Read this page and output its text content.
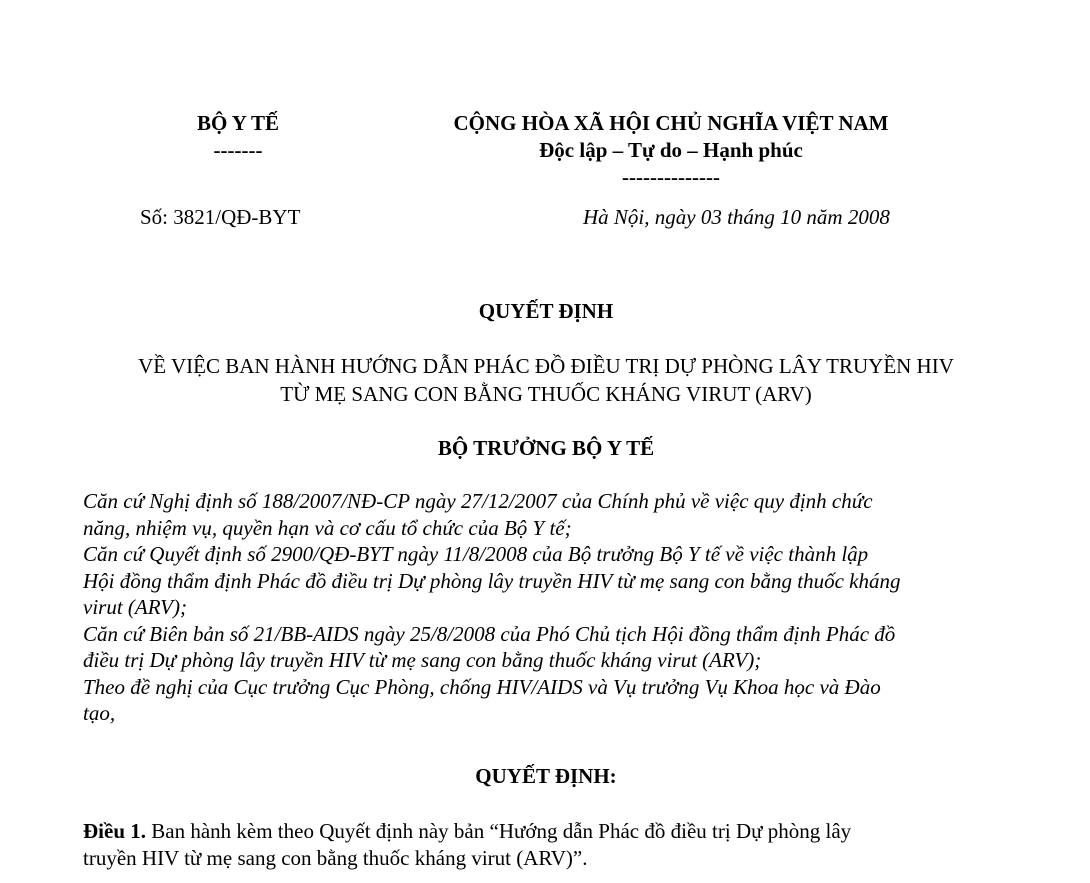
BỘ Y TẾ
-------
CỘNG HÒA XÃ HỘI CHỦ NGHĨA VIỆT NAM
Độc lập – Tự do – Hạnh phúc
--------------
Số: 3821/QĐ-BYT	Hà Nội, ngày 03 tháng 10 năm 2008
QUYẾT ĐỊNH
VỀ VIỆC BAN HÀNH HƯỚNG DẪN PHÁC ĐỒ ĐIỀU TRỊ DỰ PHÒNG LÂY TRUYỀN HIV
TỪ MẸ SANG CON BẰNG THUỐC KHÁNG VIRUT (ARV)
BỘ TRƯỞNG BỘ Y TẾ
Căn cứ Nghị định số 188/2007/NĐ-CP ngày 27/12/2007 của Chính phủ về việc quy định chức
năng, nhiệm vụ, quyền hạn và cơ cấu tổ chức của Bộ Y tế;
Căn cứ Quyết định số 2900/QĐ-BYT ngày 11/8/2008 của Bộ trưởng Bộ Y tế về việc thành lập
Hội đồng thẩm định Phác đồ điều trị Dự phòng lây truyền HIV từ mẹ sang con bằng thuốc kháng
virut (ARV);
Căn cứ Biên bản số 21/BB-AIDS ngày 25/8/2008 của Phó Chủ tịch Hội đồng thẩm định Phác đồ
điều trị Dự phòng lây truyền HIV từ mẹ sang con bằng thuốc kháng virut (ARV);
Theo đề nghị của Cục trưởng Cục Phòng, chống HIV/AIDS và Vụ trưởng Vụ Khoa học và Đào
tạo,
QUYẾT ĐỊNH:
Điều 1. Ban hành kèm theo Quyết định này bản “Hướng dẫn Phác đồ điều trị Dự phòng lây
truyền HIV từ mẹ sang con bằng thuốc kháng virut (ARV)”.
